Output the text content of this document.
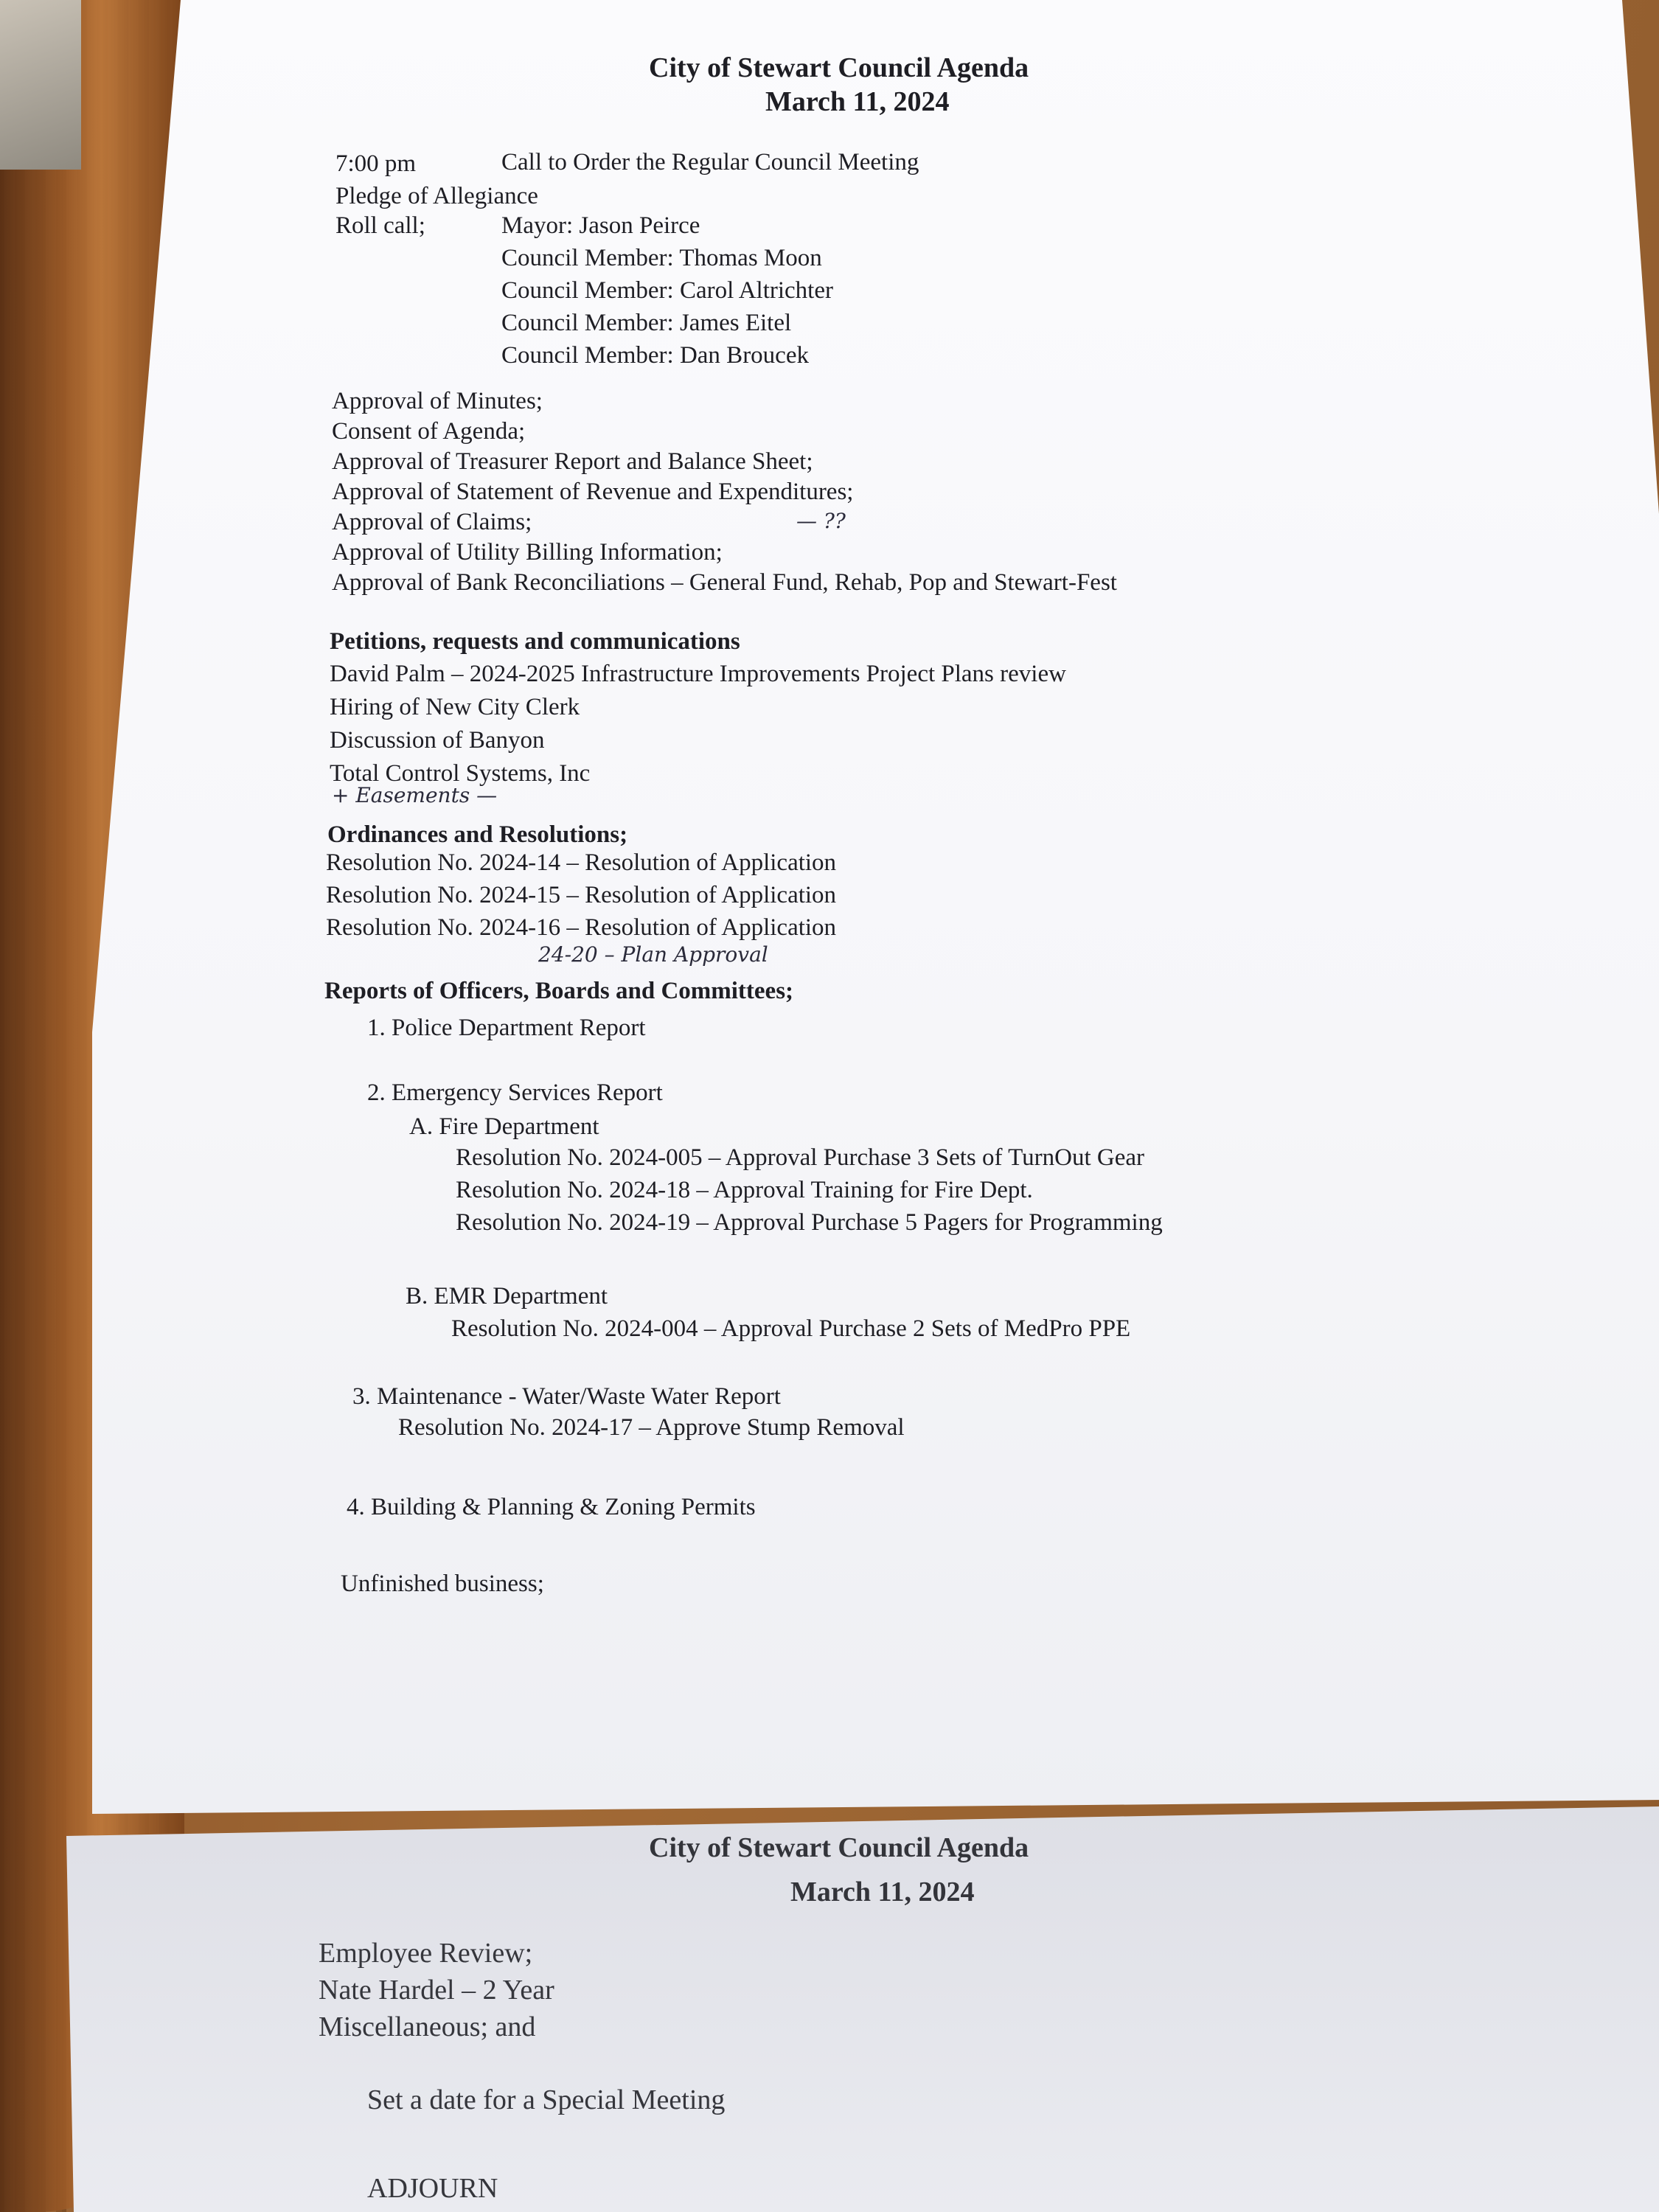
City of Stewart Council Agenda
March 11, 2024
7:00 pm	Call to Order the Regular Council Meeting
Pledge of Allegiance
Roll call;	Mayor: Jason Peirce
Council Member: Thomas Moon
Council Member: Carol Altrichter
Council Member: James Eitel
Council Member: Dan Broucek
Approval of Minutes;
Consent of Agenda;
Approval of Treasurer Report and Balance Sheet;
Approval of Statement of Revenue and Expenditures;
Approval of Claims;
Approval of Utility Billing Information;
Approval of Bank Reconciliations – General Fund, Rehab, Pop and Stewart-Fest
— ??
Petitions, requests and communications
David Palm – 2024-2025 Infrastructure Improvements Project Plans review
Hiring of New City Clerk
Discussion of Banyon
Total Control Systems, Inc
+ Easements —
Ordinances and Resolutions;
Resolution No. 2024-14 – Resolution of Application
Resolution No. 2024-15 – Resolution of Application
Resolution No. 2024-16 – Resolution of Application
24-20 – Plan Approval
Reports of Officers, Boards and Committees;
1. Police Department Report
2. Emergency Services Report
A. Fire Department
Resolution No. 2024-005 – Approval Purchase 3 Sets of TurnOut Gear
Resolution No. 2024-18 – Approval Training for Fire Dept.
Resolution No. 2024-19 – Approval Purchase 5 Pagers for Programming
B. EMR Department
Resolution No. 2024-004 – Approval Purchase 2 Sets of MedPro PPE
3. Maintenance - Water/Waste Water Report
Resolution No. 2024-17 – Approve Stump Removal
4. Building & Planning & Zoning Permits
Unfinished business;
City of Stewart Council Agenda
March 11, 2024
Employee Review;
Nate Hardel – 2 Year
Miscellaneous; and
Set a date for a Special Meeting
ADJOURN
